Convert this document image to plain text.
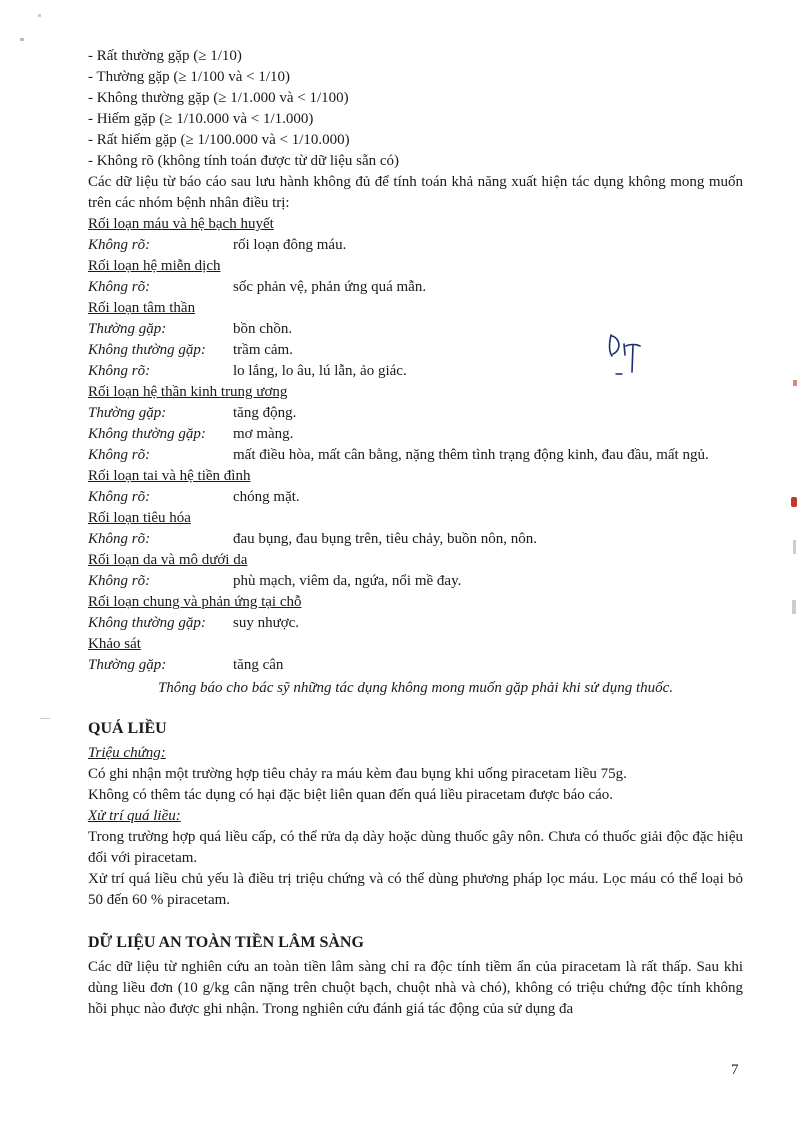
- Rất thường gặp (≥ 1/10)

- Thường gặp (≥ 1/100 và < 1/10)

- Không thường gặp (≥ 1/1.000 và < 1/100)

- Hiếm gặp (≥ 1/10.000 và < 1/1.000)

- Rất hiếm gặp (≥ 1/100.000 và < 1/10.000)

- Không rõ (không tính toán được từ dữ liệu sẵn có)

Các dữ liệu từ báo cáo sau lưu hành không đủ để tính toán khả năng xuất hiện tác dụng không mong muốn trên các nhóm bệnh nhân điều trị:

Rối loạn máu và hệ bạch huyết

Không rõ:	rối loạn đông máu.

Rối loạn hệ miễn dịch

Không rõ:	sốc phản vệ, phản ứng quá mẫn.

Rối loạn tâm thần

Thường gặp:	bồn chồn.
Không thường gặp:	trầm cảm.
Không rõ:	lo lắng, lo âu, lú lẫn, ảo giác.

Rối loạn hệ thần kinh trung ương

Thường gặp:	tăng động.
Không thường gặp:	mơ màng.
Không rõ:	mất điều hòa, mất cân bằng, nặng thêm tình trạng động kinh, đau đầu, mất ngủ.

Rối loạn tai và hệ tiền đình

Không rõ:	chóng mặt.

Rối loạn tiêu hóa

Không rõ:	đau bụng, đau bụng trên, tiêu chảy, buồn nôn, nôn.

Rối loạn da và mô dưới da

Không rõ:	phù mạch, viêm da, ngứa, nổi mề đay.

Rối loạn chung và phản ứng tại chỗ

Không thường gặp:	suy nhược.

Khảo sát

Thường gặp:	tăng cân

Thông báo cho bác sỹ những tác dụng không mong muốn gặp phải khi sử dụng thuốc.

QUÁ LIỀU

Triệu chứng:

Có ghi nhận một trường hợp tiêu chảy ra máu kèm đau bụng khi uống piracetam liều 75g.

Không có thêm tác dụng có hại đặc biệt liên quan đến quá liều piracetam được báo cáo.

Xử trí quá liều:

Trong trường hợp quá liều cấp, có thể rửa dạ dày hoặc dùng thuốc gây nôn. Chưa có thuốc giải độc đặc hiệu đối với piracetam.

Xử trí quá liều chủ yếu là điều trị triệu chứng và có thể dùng phương pháp lọc máu. Lọc máu có thể loại bỏ 50 đến 60 % piracetam.

DỮ LIỆU AN TOÀN TIỀN LÂM SÀNG

Các dữ liệu từ nghiên cứu an toàn tiền lâm sàng chỉ ra độc tính tiềm ẩn của piracetam là rất thấp. Sau khi dùng liều đơn (10 g/kg cân nặng trên chuột bạch, chuột nhà và chó), không có triệu chứng độc tính không hồi phục nào được ghi nhận. Trong nghiên cứu đánh giá tác động của sử dụng đa

7
